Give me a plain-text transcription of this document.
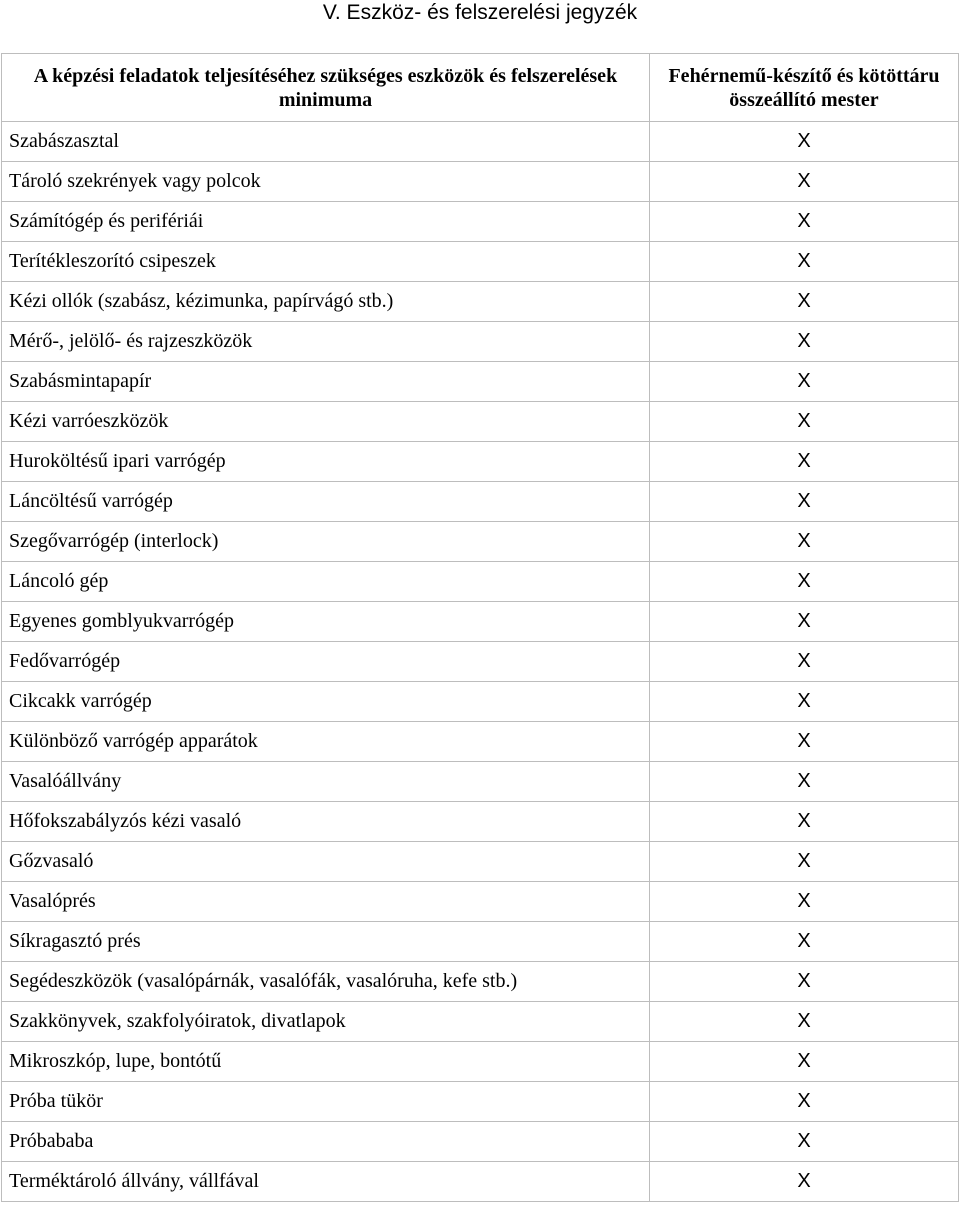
V. Eszköz- és felszerelési jegyzék
A képzési feladatok teljesítéséhez szükséges eszközök és felszerelések minimuma	Fehérnemű-készítő és kötöttáru összeállító mester
Szabászasztal	X
Tároló szekrények vagy polcok	X
Számítógép és perifériái	X
Terítékleszorító csipeszek	X
Kézi ollók (szabász, kézimunka, papírvágó stb.)	X
Mérő-, jelölő- és rajzeszközök	X
Szabásmintapapír	X
Kézi varróeszközök	X
Huroköltésű ipari varrógép	X
Láncöltésű varrógép	X
Szegővarrógép (interlock)	X
Láncoló gép	X
Egyenes gomblyukvarrógép	X
Fedővarrógép	X
Cikcakk varrógép	X
Különböző varrógép apparátok	X
Vasalóállvány	X
Hőfokszabályzós kézi vasaló	X
Gőzvasaló	X
Vasalóprés	X
Síkragasztó prés	X
Segédeszközök (vasalópárnák, vasalófák, vasalóruha, kefe stb.)	X
Szakkönyvek, szakfolyóiratok, divatlapok	X
Mikroszkóp, lupe, bontótű	X
Próba tükör	X
Próbababa	X
Terméktároló állvány, vállfával	X
